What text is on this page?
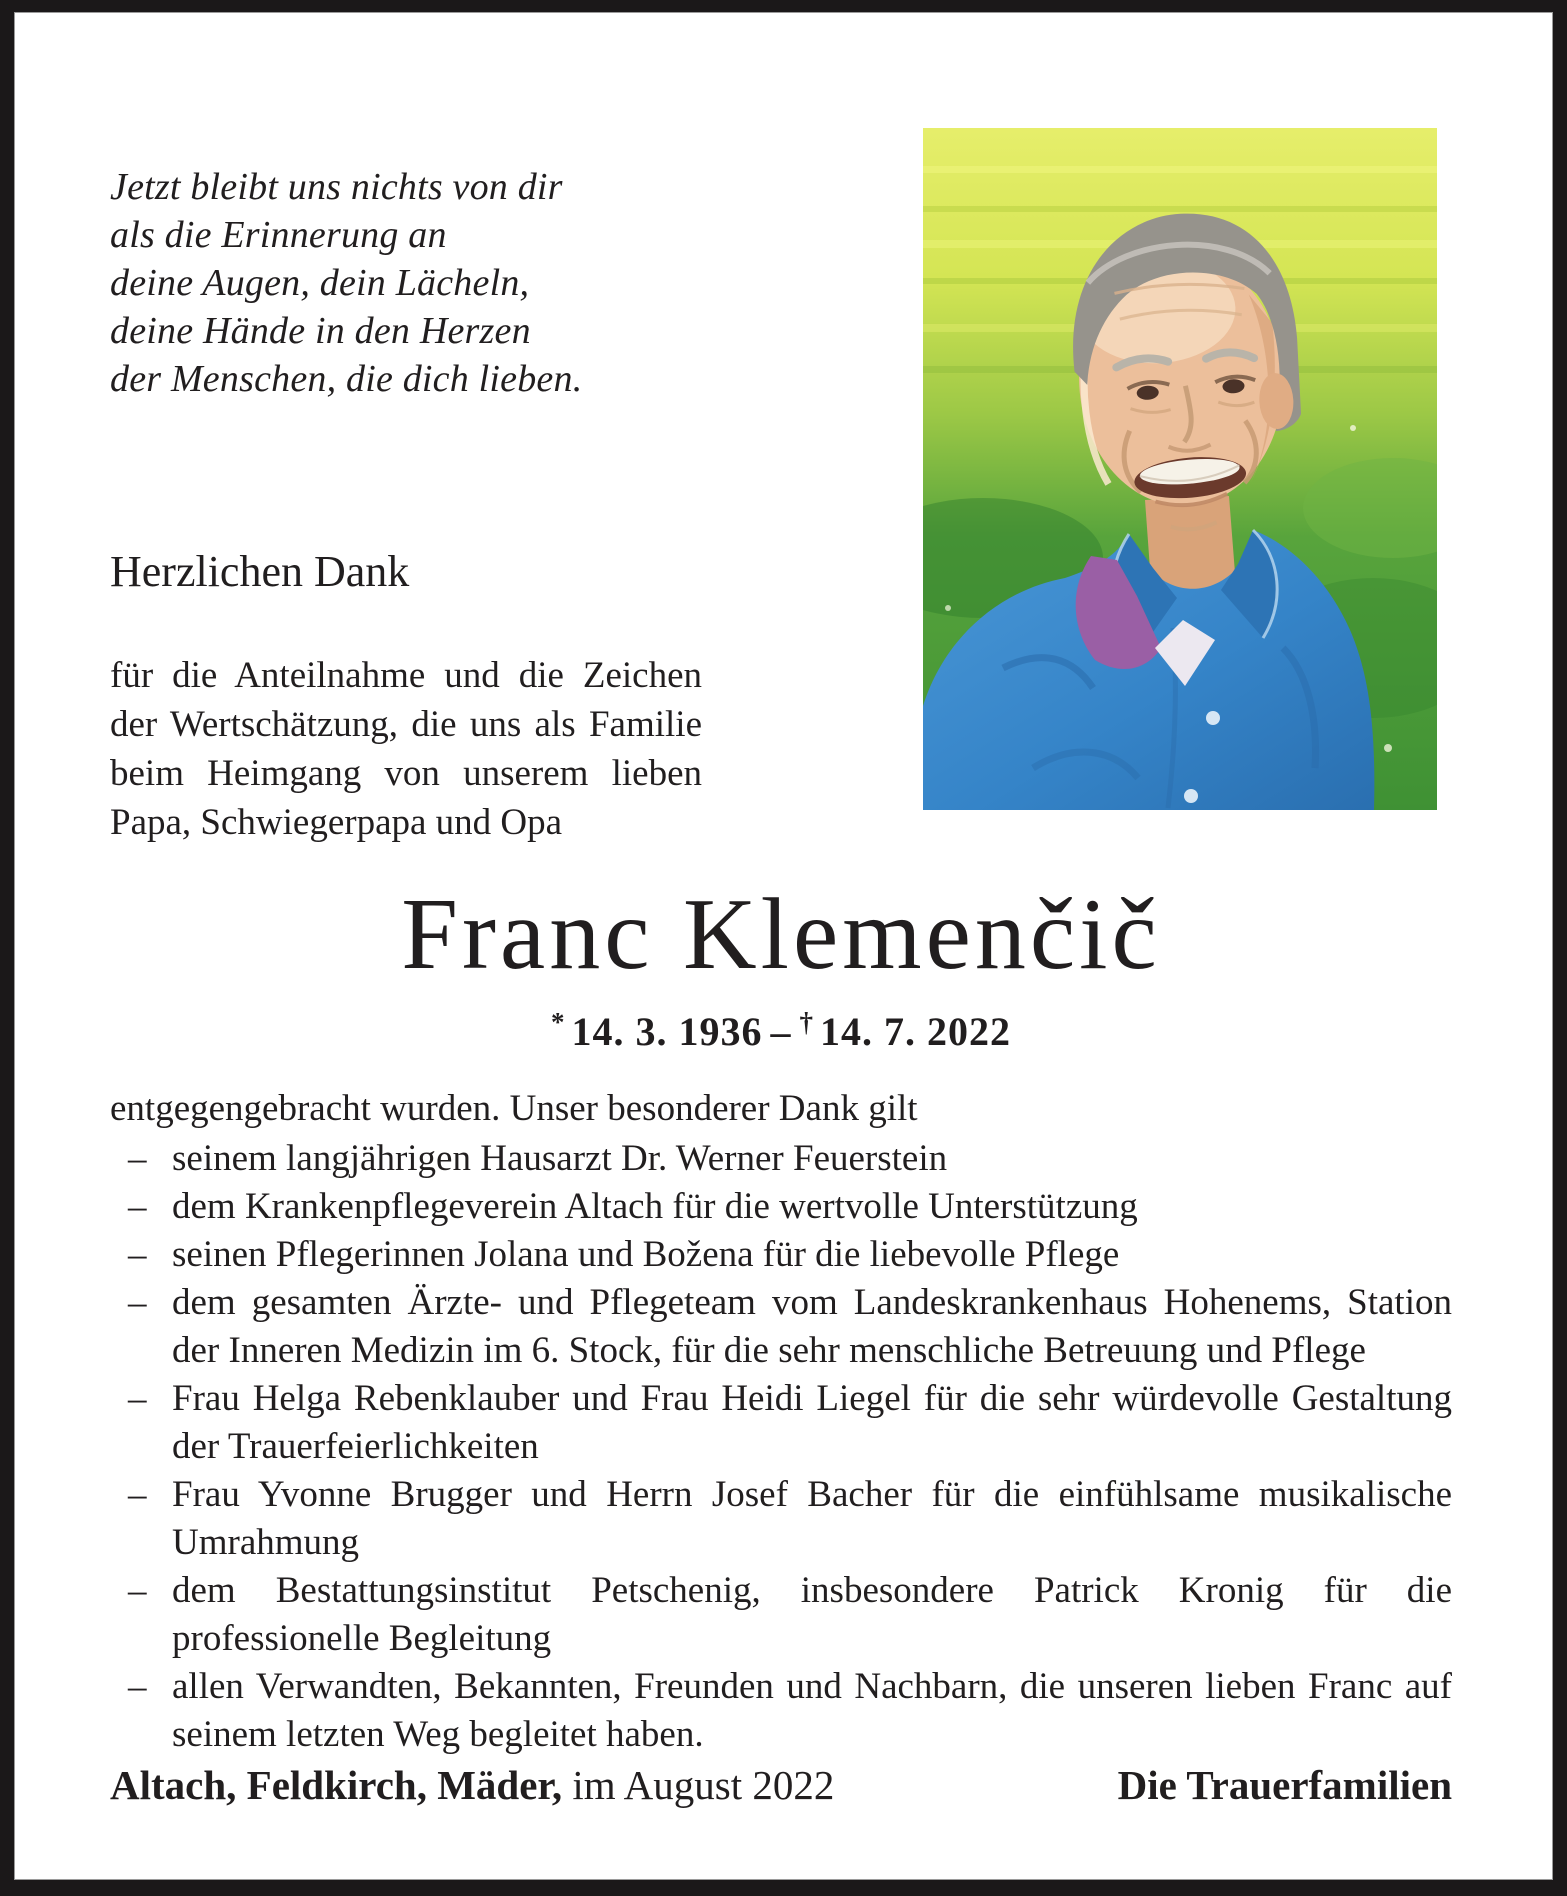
Jetzt bleibt uns nichts von dir
als die Erinnerung an
deine Augen, dein Lächeln,
deine Hände in den Herzen
der Menschen, die dich lieben.
Herzlichen Dank
für die Anteilnahme und die Zeichen der Wertschätzung, die uns als Familie beim Heimgang von unserem lieben Papa, Schwiegerpapa und Opa
Franc Klemenčič
* 14. 3. 1936 – † 14. 7. 2022

entgegengebracht wurden. Unser besonderer Dank gilt

– seinem langjährigen Hausarzt Dr. Werner Feuerstein
– dem Krankenpflegeverein Altach für die wertvolle Unterstützung
– seinen Pflegerinnen Jolana und Božena für die liebevolle Pflege
– dem gesamten Ärzte- und Pflegeteam vom Landeskrankenhaus Hohenems, Station der Inneren Medizin im 6. Stock, für die sehr menschliche Betreuung und Pflege
– Frau Helga Rebenklauber und Frau Heidi Liegel für die sehr würdevolle Gestaltung der Trauerfeierlichkeiten
– Frau Yvonne Brugger und Herrn Josef Bacher für die einfühlsame musikalische Umrahmung
– dem Bestattungsinstitut Petschenig, insbesondere Patrick Kronig für die professionelle Begleitung
– allen Verwandten, Bekannten, Freunden und Nachbarn, die unseren lieben Franc auf seinem letzten Weg begleitet haben.
Altach, Feldkirch, Mäder, im August 2022	Die Trauerfamilien
